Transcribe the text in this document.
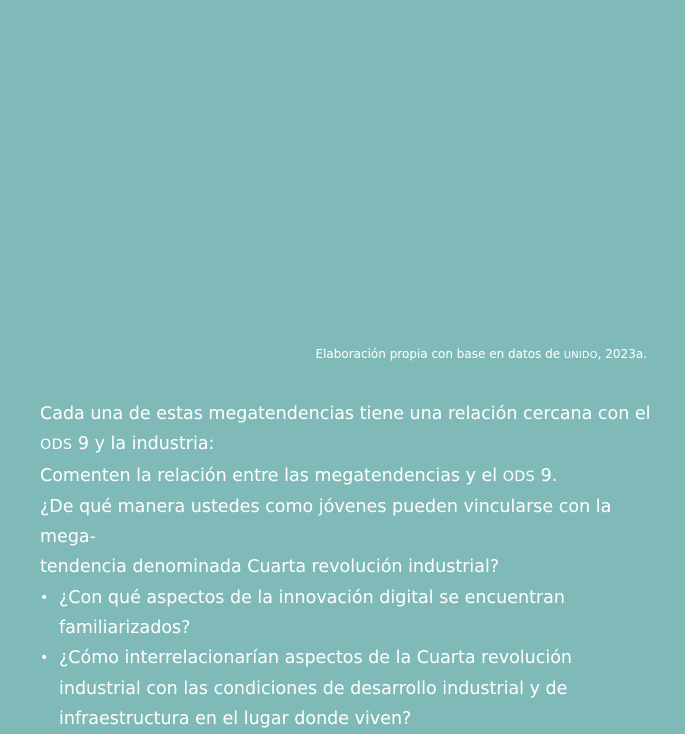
Elaboración propia con base en datos de UNIDO, 2023a.

Cada una de estas megatendencias tiene una relación cercana con el
ODS 9 y la industria:

Comenten la relación entre las megatendencias y el ODS 9.

¿De qué manera ustedes como jóvenes pueden vincularse con la mega-
tendencia denominada Cuarta revolución industrial?

• ¿Con qué aspectos de la innovación digital se encuentran familiarizados?
• ¿Cómo interrelacionarían aspectos de la Cuarta revolución industrial con las condiciones de desarrollo industrial y de infraestructura en el lugar donde viven?
